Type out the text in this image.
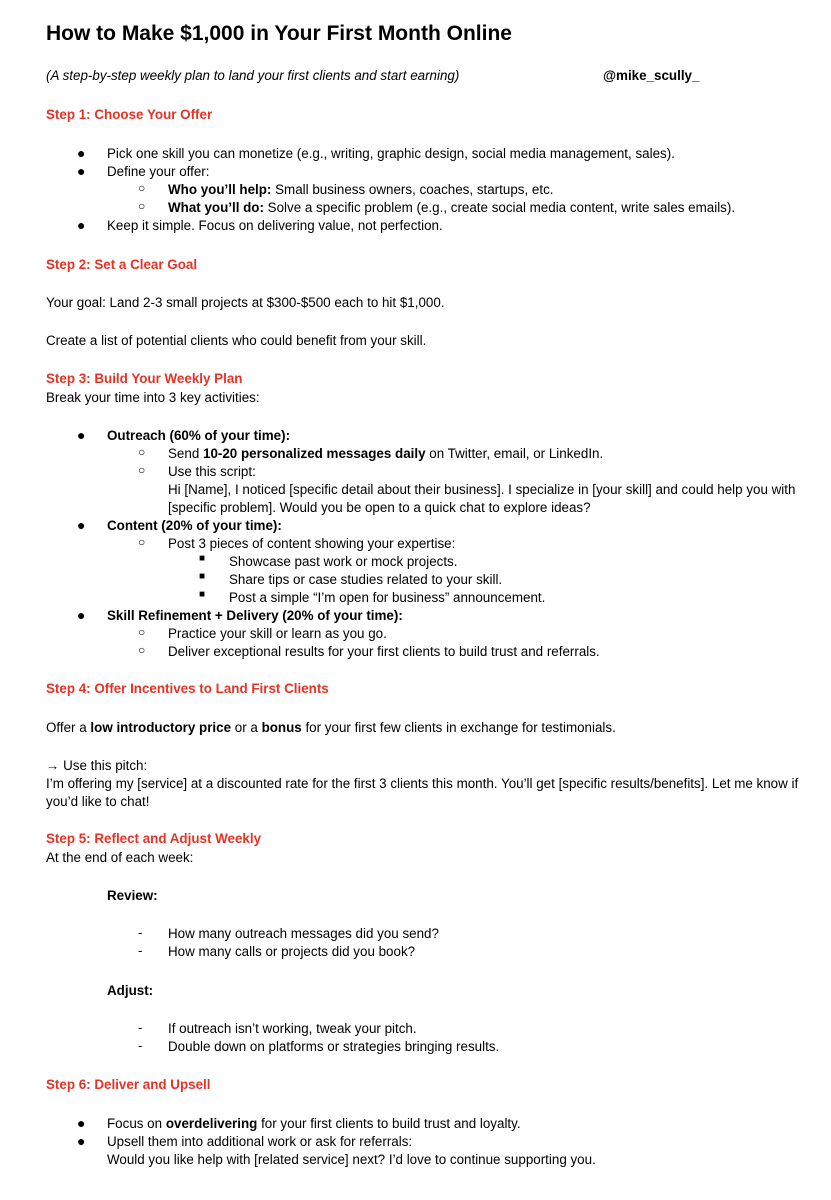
How to Make $1,000 in Your First Month Online
(A step-by-step weekly plan to land your first clients and start earning)	@mike_scully_
Step 1: Choose Your Offer
● Pick one skill you can monetize (e.g., writing, graphic design, social media management, sales).
● Define your offer:
○ Who you’ll help: Small business owners, coaches, startups, etc.
○ What you’ll do: Solve a specific problem (e.g., create social media content, write sales emails).
● Keep it simple. Focus on delivering value, not perfection.
Step 2: Set a Clear Goal
Your goal: Land 2-3 small projects at $300-$500 each to hit $1,000.
Create a list of potential clients who could benefit from your skill.
Step 3: Build Your Weekly Plan
Break your time into 3 key activities:
● Outreach (60% of your time):
○ Send 10-20 personalized messages daily on Twitter, email, or LinkedIn.
○ Use this script:
Hi [Name], I noticed [specific detail about their business]. I specialize in [your skill] and could help you with
[specific problem]. Would you be open to a quick chat to explore ideas?
● Content (20% of your time):
○ Post 3 pieces of content showing your expertise:
■ Showcase past work or mock projects.
■ Share tips or case studies related to your skill.
■ Post a simple “I’m open for business” announcement.
● Skill Refinement + Delivery (20% of your time):
○ Practice your skill or learn as you go.
○ Deliver exceptional results for your first clients to build trust and referrals.
Step 4: Offer Incentives to Land First Clients
Offer a low introductory price or a bonus for your first few clients in exchange for testimonials.
→ Use this pitch:
I’m offering my [service] at a discounted rate for the first 3 clients this month. You’ll get [specific results/benefits]. Let me know if
you’d like to chat!
Step 5: Reflect and Adjust Weekly
At the end of each week:
Review:
- How many outreach messages did you send?
- How many calls or projects did you book?
Adjust:
- If outreach isn’t working, tweak your pitch.
- Double down on platforms or strategies bringing results.
Step 6: Deliver and Upsell
● Focus on overdelivering for your first clients to build trust and loyalty.
● Upsell them into additional work or ask for referrals:
Would you like help with [related service] next? I’d love to continue supporting you.
